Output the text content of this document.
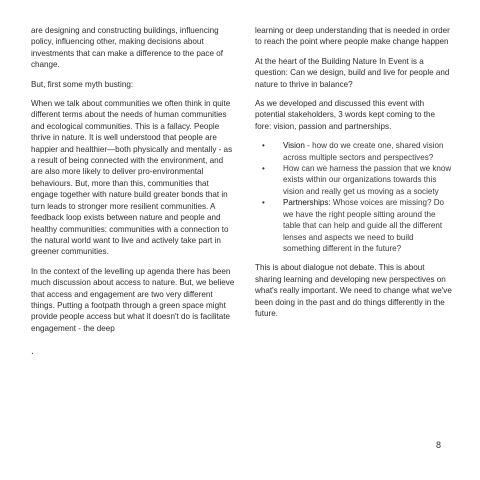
are designing and constructing buildings, influencing policy, influencing other, making decisions about investments that can make a difference to the pace of change.

But, first some myth busting:

When we talk about communities we often think in quite different terms about the needs of human communities and ecological communities. This is a fallacy. People thrive in nature. It is well understood that people are happier and healthier—both physically and mentally - as a result of being connected with the environment, and are also more likely to deliver pro-environmental behaviours. But, more than this, communities that engage together with nature build greater bonds that in turn leads to stronger more resilient communities. A feedback loop exists between nature and people and healthy communities: communities with a connection to the natural world want to live and actively take part in greener communities.

In the context of the levelling up agenda there has been much discussion about access to nature. But, we believe that access and engagement are two very different things. Putting a footpath through a green space might provide people access but what it doesn't do is facilitate engagement - the deep

.

learning or deep understanding that is needed in order to reach the point where people make change happen

At the heart of the Building Nature In Event is a question: Can we design, build and live for people and nature to thrive in balance?

As we developed and discussed this event with potential stakeholders, 3 words kept coming to the fore: vision, passion and partnerships.

• Vision - how do we create one, shared vision across multiple sectors and perspectives?
• How can we harness the passion that we know exists within our organizations towards this vision and really get us moving as a society
• Partnerships: Whose voices are missing? Do we have the right people sitting around the table that can help and guide all the different lenses and aspects we need to build something different in the future?

This is about dialogue not debate. This is about sharing learning and developing new perspectives on what's really important. We need to change what we've been doing in the past and do things differently in the future.

8
